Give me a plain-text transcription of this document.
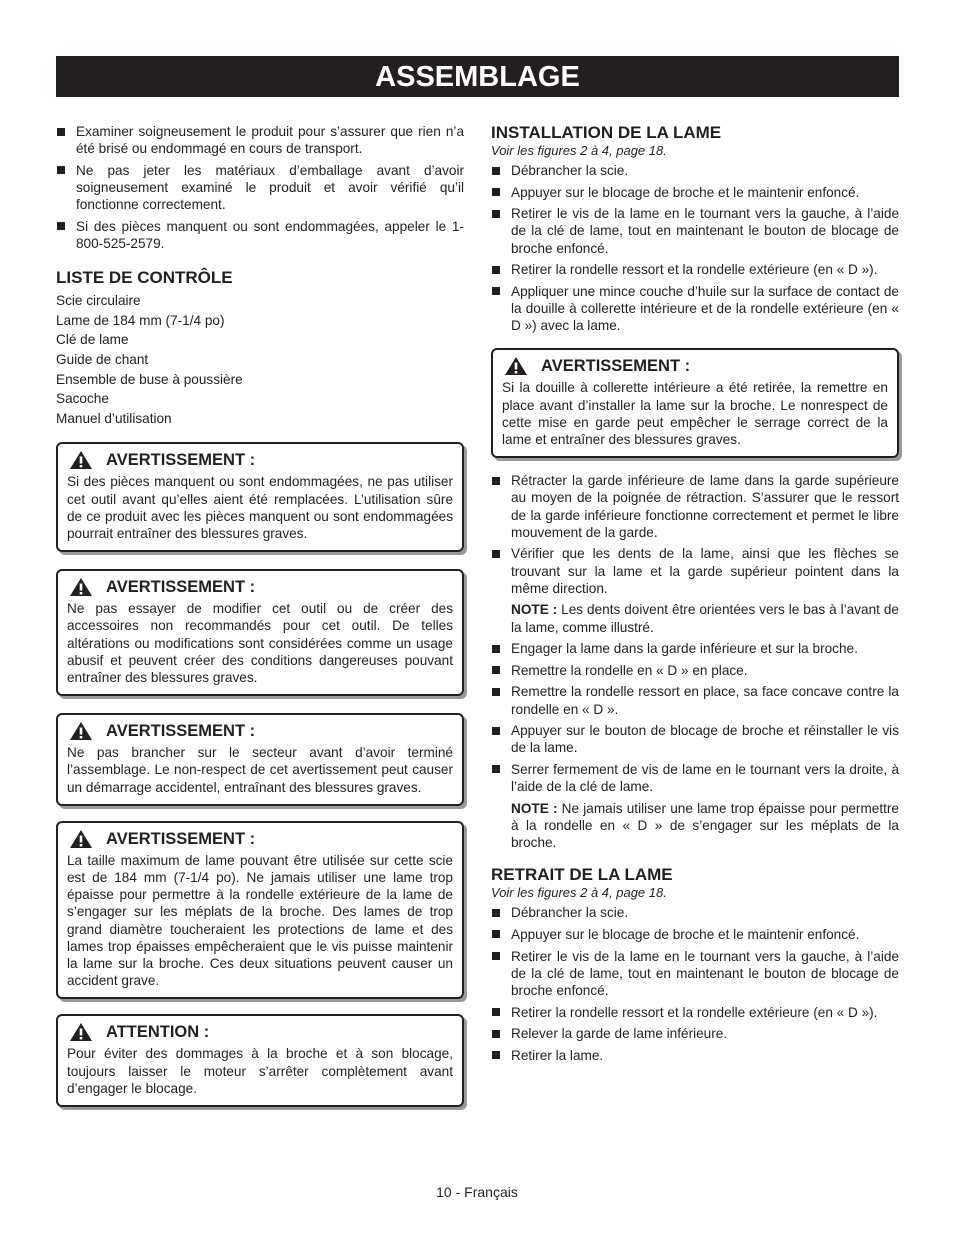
ASSEMBLAGE
Examiner soigneusement le produit pour s’assurer que rien n’a été brisé ou endommagé en cours de transport.
Ne pas jeter les matériaux d’emballage avant d’avoir soigneusement examiné le produit et avoir vérifié qu’il fonctionne correctement.
Si des pièces manquent ou sont endommagées, appeler le 1-800-525-2579.

LISTE DE CONTRÔLE

Scie circulaire
Lame de 184 mm (7-1/4 po)
Clé de lame
Guide de chant
Ensemble de buse à poussière
Sacoche
Manuel d’utilisation
AVERTISSEMENT :
Si des pièces manquent ou sont endommagées, ne pas utiliser cet outil avant qu’elles aient été remplacées. L’utilisation sûre de ce produit avec les pièces manquent ou sont endommagées pourrait entraîner des blessures graves.
AVERTISSEMENT :
Ne pas essayer de modifier cet outil ou de créer des accessoires non recommandés pour cet outil. De telles altérations ou modifications sont considérées comme un usage abusif et peuvent créer des conditions dangereuses pouvant entraîner des blessures graves.
AVERTISSEMENT :
Ne pas brancher sur le secteur avant d’avoir terminé l’assemblage. Le non-respect de cet avertissement peut causer un démarrage accidentel, entraînant des blessures graves.
AVERTISSEMENT :
La taille maximum de lame pouvant être utilisée sur cette scie est de 184 mm (7-1/4 po). Ne jamais utiliser une lame trop épaisse pour permettre à la rondelle extérieure de la lame de s’engager sur les méplats de la broche. Des lames de trop grand diamètre toucheraient les protections de lame et des lames trop épaisses empêcheraient que le vis puisse maintenir la lame sur la broche. Ces deux situations peuvent causer un accident grave.
ATTENTION :
Pour éviter des dommages à la broche et à son blocage, toujours laisser le moteur s’arrêter complètement avant d’engager le blocage.

INSTALLATION DE LA LAME

Voir les figures 2 à 4, page 18.

Débrancher la scie.
Appuyer sur le blocage de broche et le maintenir enfoncé.
Retirer le vis de la lame en le tournant vers la gauche, à l’aide de la clé de lame, tout en maintenant le bouton de blocage de broche enfoncé.
Retirer la rondelle ressort et la rondelle extérieure (en « D »).
Appliquer une mince couche d’huile sur la surface de contact de la douille à collerette intérieure et de la rondelle extérieure (en « D ») avec la lame.
AVERTISSEMENT :
Si la douille à collerette intérieure a été retirée, la remettre en place avant d’installer la lame sur la broche. Le nonrespect de cette mise en garde peut empêcher le serrage correct de la lame et entraîner des blessures graves.
Rétracter la garde inférieure de lame dans la garde supérieure au moyen de la poignée de rétraction. S’assurer que le ressort de la garde inférieure fonctionne correctement et permet le libre mouvement de la garde.
Vérifier que les dents de la lame, ainsi que les flèches se trouvant sur la lame et la garde supérieur pointent dans la même direction.

NOTE : Les dents doivent être orientées vers le bas à l’avant de la lame, comme illustré.

Engager la lame dans la garde inférieure et sur la broche.
Remettre la rondelle en « D » en place.
Remettre la rondelle ressort en place, sa face concave contre la rondelle en « D ».
Appuyer sur le bouton de blocage de broche et réinstaller le vis de la lame.
Serrer fermement de vis de lame en le tournant vers la droite, à l’aide de la clé de lame.

NOTE : Ne jamais utiliser une lame trop épaisse pour permettre à la rondelle en « D » de s’engager sur les méplats de la broche.

RETRAIT DE LA LAME

Voir les figures 2 à 4, page 18.

Débrancher la scie.
Appuyer sur le blocage de broche et le maintenir enfoncé.
Retirer le vis de la lame en le tournant vers la gauche, à l’aide de la clé de lame, tout en maintenant le bouton de blocage de broche enfoncé.
Retirer la rondelle ressort et la rondelle extérieure (en « D »).
Relever la garde de lame inférieure.
Retirer la lame.
10 - Français
